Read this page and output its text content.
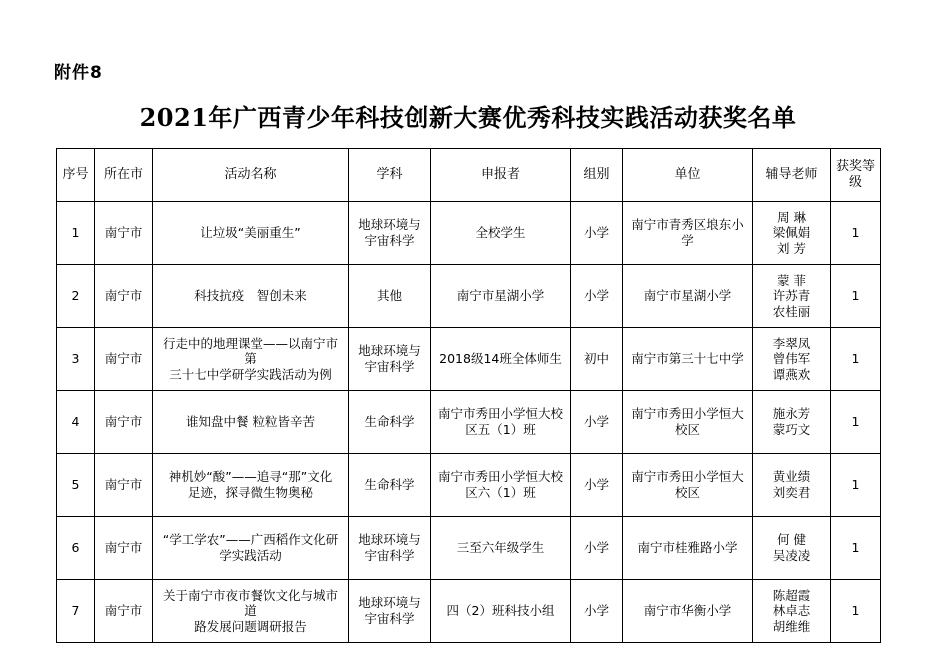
附件8
2021年广西青少年科技创新大赛优秀科技实践活动获奖名单
序号	所在市	活动名称	学科	申报者	组别	单位	辅导老师	获奖等级
1	南宁市	让垃圾“美丽重生”	地球环境与
宇宙科学	全校学生	小学	南宁市青秀区埌东小
学	周 琳
梁佩娟
刘 芳	1
2	南宁市	科技抗疫　智创未来	其他	南宁市星湖小学	小学	南宁市星湖小学	蒙 菲
许苏青
农桂丽	1
3	南宁市	行走中的地理课堂——以南宁市第
三十七中学研学实践活动为例	地球环境与
宇宙科学	2018级14班全体师生	初中	南宁市第三十七中学	李翠凤
曾伟军
谭燕欢	1
4	南宁市	谁知盘中餐 粒粒皆辛苦	生命科学	南宁市秀田小学恒大校
区五（1）班	小学	南宁市秀田小学恒大
校区	施永芳
蒙巧文	1
5	南宁市	神机妙“酸”——追寻“那”文化
足迹，探寻微生物奥秘	生命科学	南宁市秀田小学恒大校
区六（1）班	小学	南宁市秀田小学恒大
校区	黄业绩
刘奕君	1
6	南宁市	“学工学农”——广西稻作文化研
学实践活动	地球环境与
宇宙科学	三至六年级学生	小学	南宁市桂雅路小学	何 健
吴凌凌	1
7	南宁市	关于南宁市夜市餐饮文化与城市道
路发展问题调研报告	地球环境与
宇宙科学	四（2）班科技小组	小学	南宁市华衡小学	陈超霞
林卓志
胡维维	1
